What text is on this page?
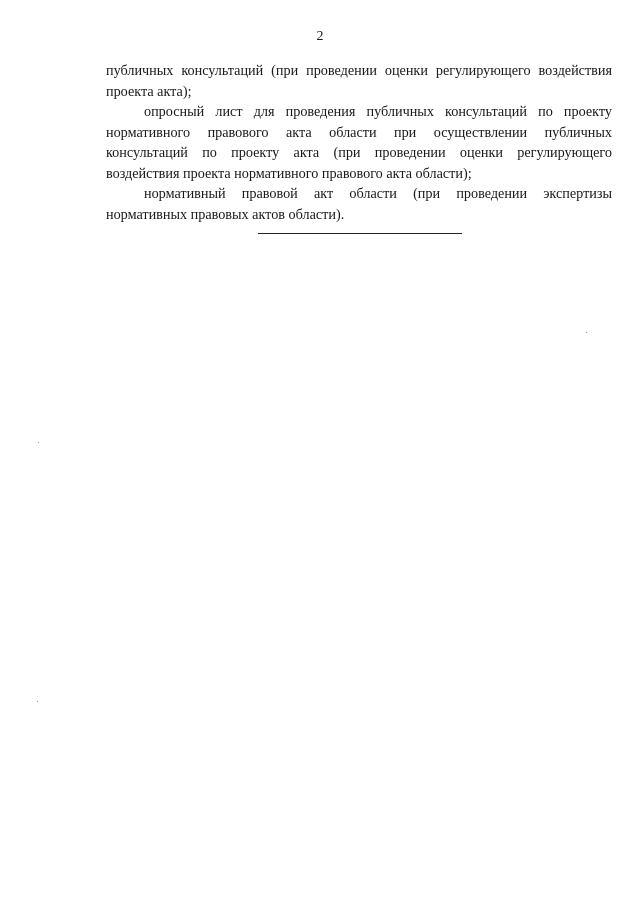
2

публичных консультаций (при проведении оценки регулирующего воздействия проекта акта);

опросный лист для проведения публичных консультаций по проекту нормативного правового акта области при осуществлении публичных консультаций по проекту акта (при проведении оценки регулирующего воздействия проекта нормативного правового акта области);

нормативный правовой акт области (при проведении экспертизы нормативных правовых актов области).
